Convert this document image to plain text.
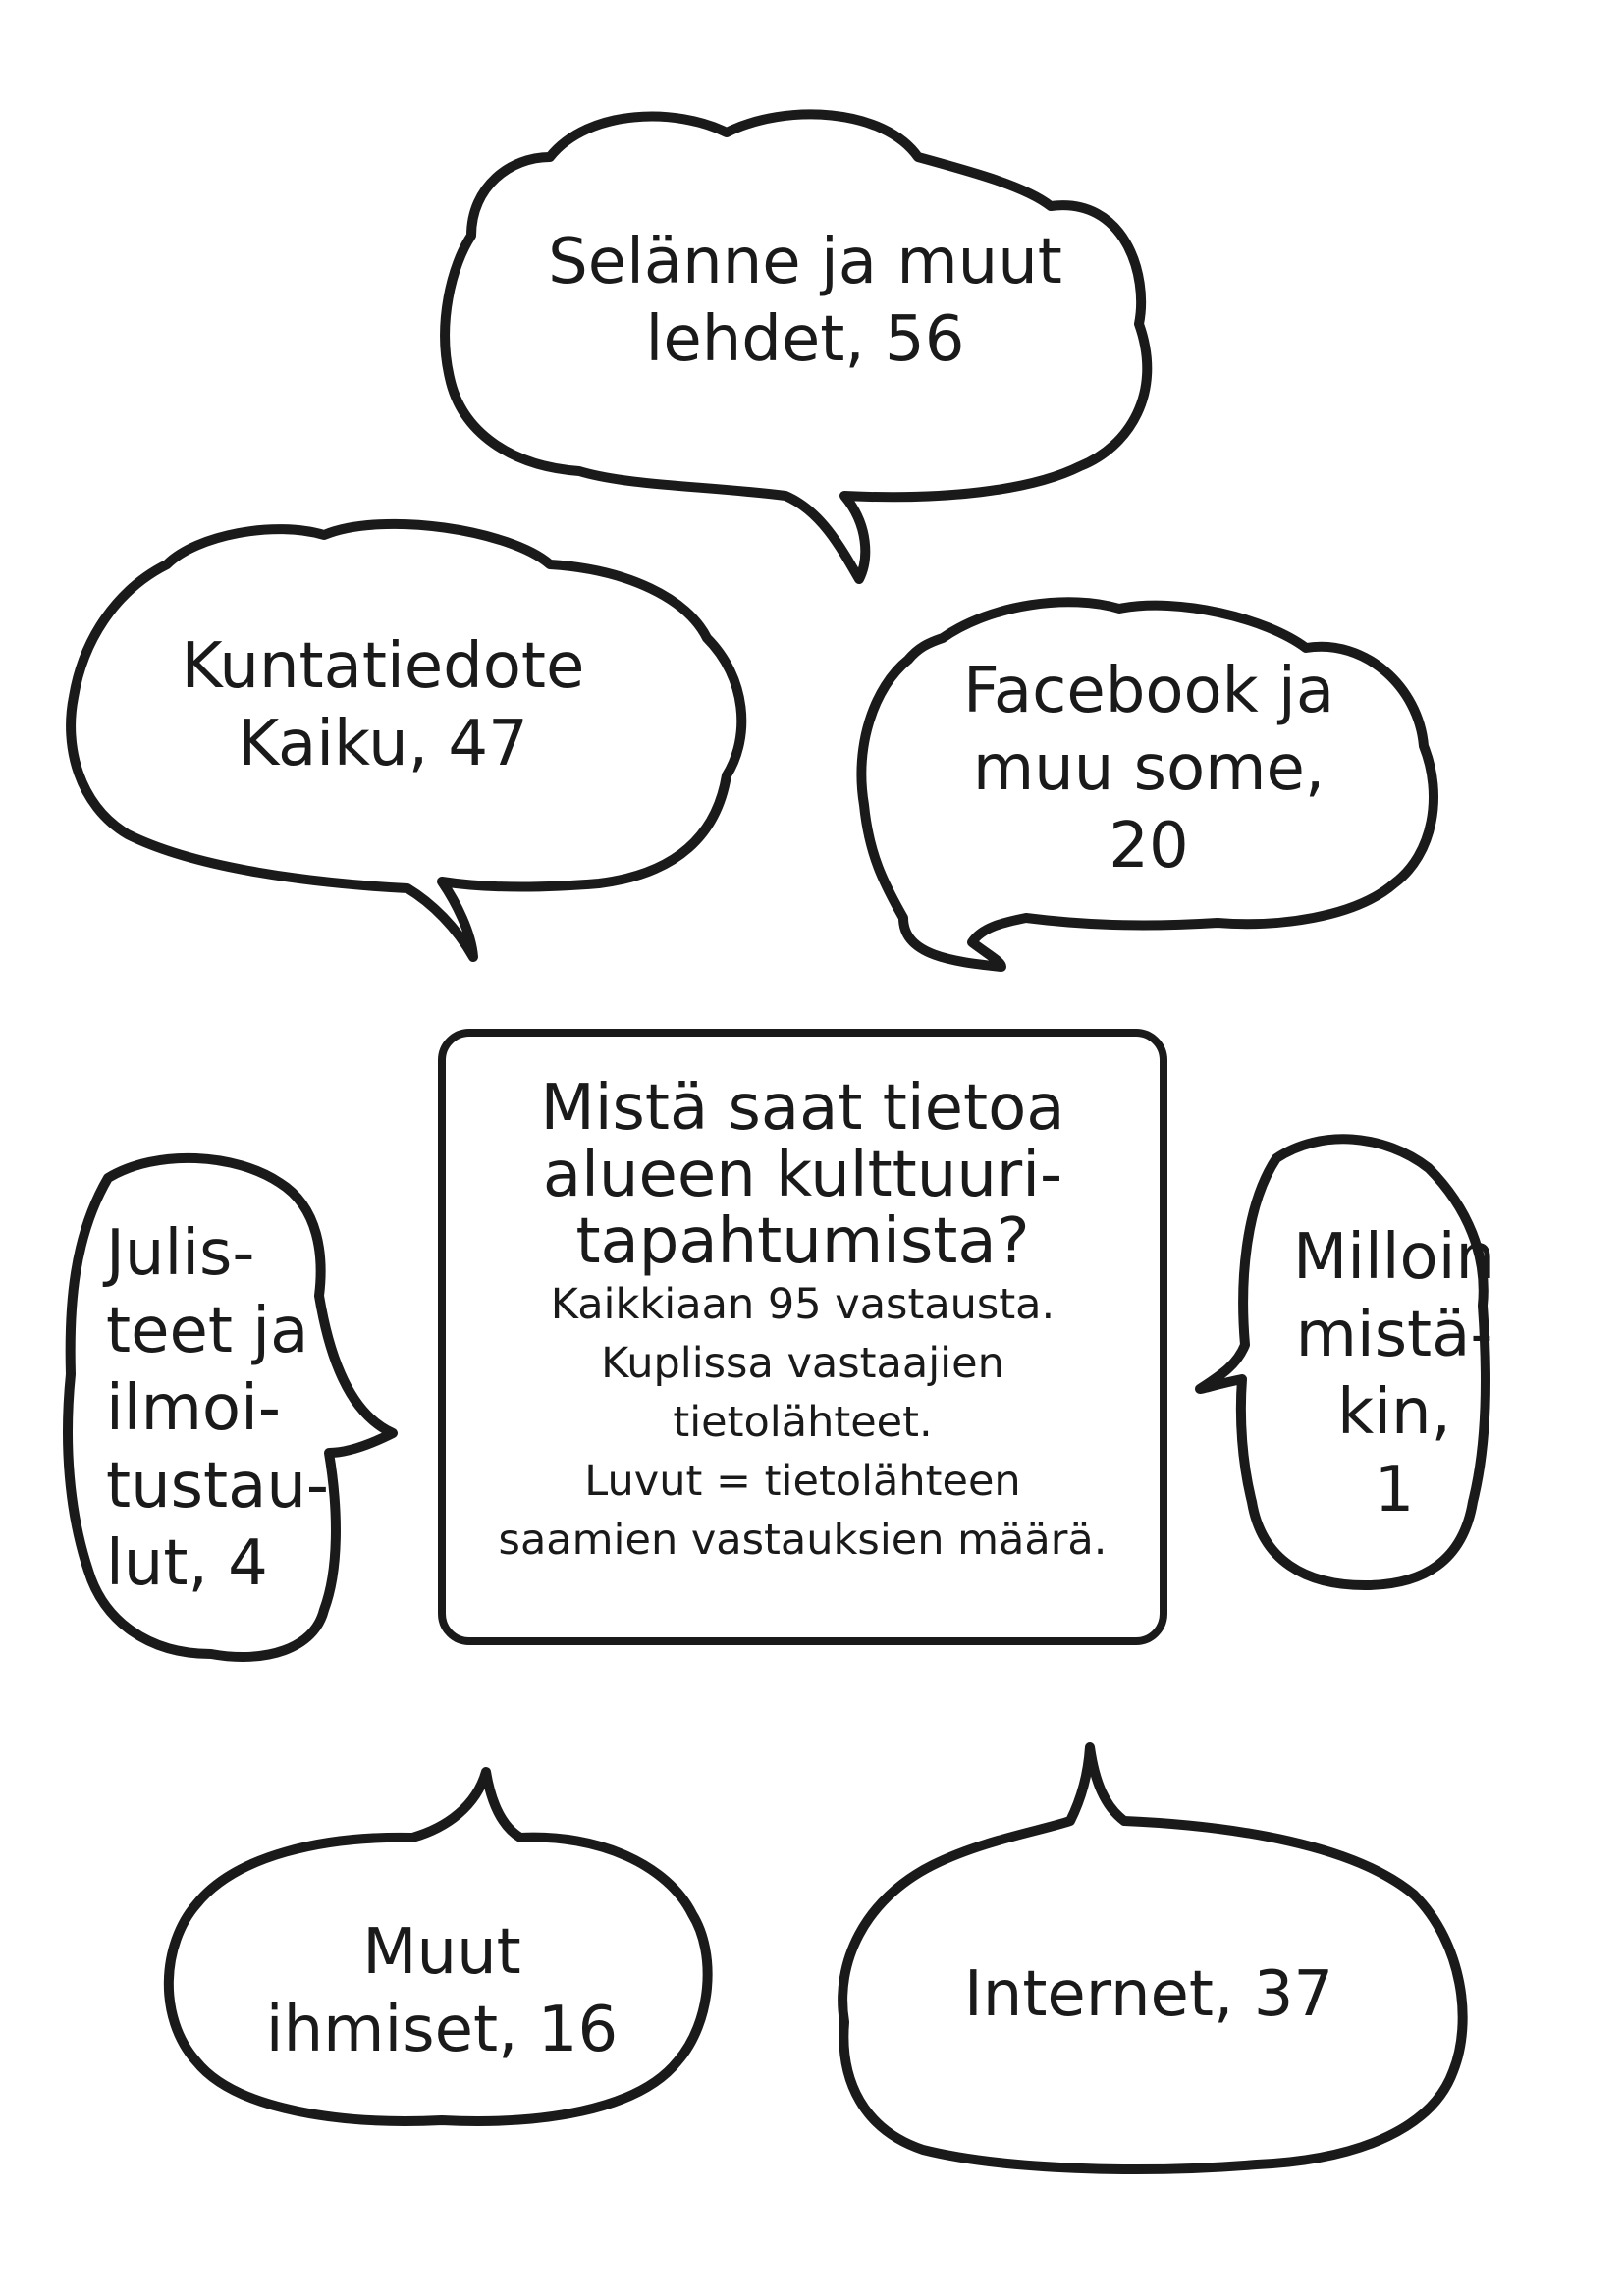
Mistä saat tietoa
alueen kulttuuri-
tapahtumista?
Kaikkiaan 95 vastausta.
Kuplissa vastaajien
tietolähteet.
Luvut = tietolähteen
saamien vastauksien määrä.
Selänne ja muut
lehdet, 56
Kuntatiedote
Kaiku, 47
Facebook ja
muu some,
20
Julis-
teet ja
ilmoi-
tustau-
lut, 4
Milloin
mistä-
kin,
1
Muut
ihmiset, 16	Internet, 37
